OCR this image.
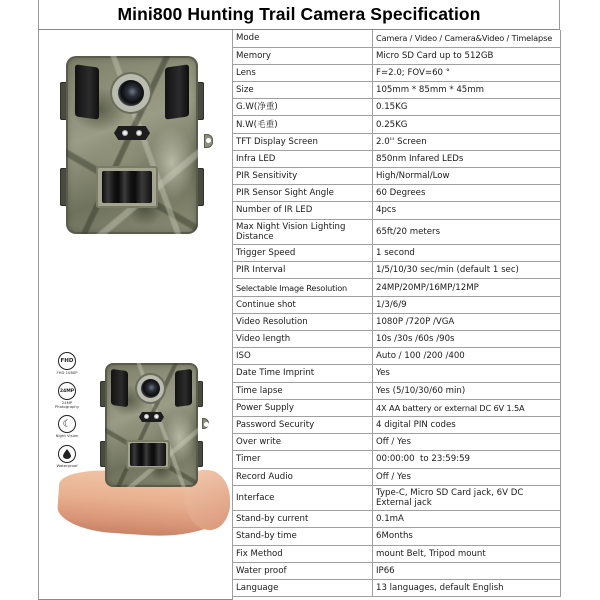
Mini800 Hunting Trail Camera Specification
FHD
FHD 1080P
24MP
24MP Photography
☾
Night Vision
Waterproof
Mode	Camera / Video / Camera&Video / Timelapse
Memory	Micro SD Card up to 512GB
Lens	F=2.0; FOV=60 °
Size	105mm * 85mm * 45mm
G.W(净重)	0.15KG
N.W(毛重)	0.25KG
TFT Display Screen	2.0'' Screen
Infra LED	850nm Infared LEDs
PIR Sensitivity	High/Normal/Low
PIR Sensor Sight Angle	60 Degrees
Number of IR LED	4pcs
Max Night Vision Lighting Distance	65ft/20 meters
Trigger Speed	1 second
PIR Interval	1/5/10/30 sec/min (default 1 sec)
Selectable Image Resolution	24MP/20MP/16MP/12MP
Continue shot	1/3/6/9
Video Resolution	1080P /720P /VGA
Video length	10s /30s /60s /90s
ISO	Auto / 100 /200 /400
Date Time Imprint	Yes
Time lapse	Yes (5/10/30/60 min)
Power Supply	4X AA battery or external DC 6V 1.5A
Password Security	4 digital PIN codes
Over write	Off / Yes
Timer	00:00:00  to 23:59:59
Record Audio	Off / Yes
Interface	Type-C, Micro SD Card jack, 6V DC External jack
Stand-by current	0.1mA
Stand-by time	6Months
Fix Method	mount Belt, Tripod mount
Water proof	IP66
Language	13 languages, default English
